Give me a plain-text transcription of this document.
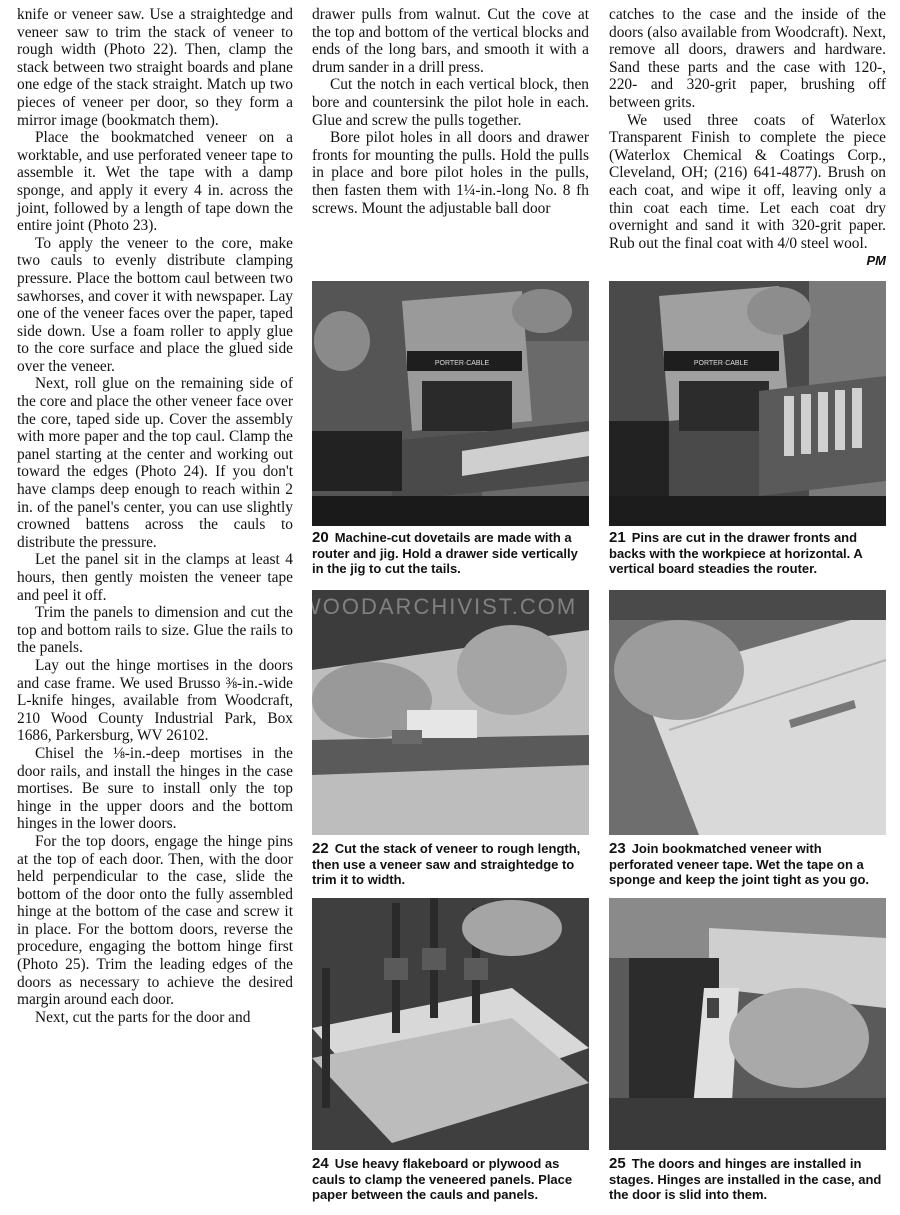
knife or veneer saw. Use a straightedge and veneer saw to trim the stack of veneer to rough width (Photo 22). Then, clamp the stack between two straight boards and plane one edge of the stack straight. Match up two pieces of veneer per door, so they form a mirror image (bookmatch them).

Place the bookmatched veneer on a worktable, and use perforated veneer tape to assemble it. Wet the tape with a damp sponge, and apply it every 4 in. across the joint, followed by a length of tape down the entire joint (Photo 23).

To apply the veneer to the core, make two cauls to evenly distribute clamping pressure. Place the bottom caul between two sawhorses, and cover it with newspaper. Lay one of the veneer faces over the paper, taped side down. Use a foam roller to apply glue to the core surface and place the glued side over the veneer.

Next, roll glue on the remaining side of the core and place the other veneer face over the core, taped side up. Cover the assembly with more paper and the top caul. Clamp the panel starting at the center and working out toward the edges (Photo 24). If you don't have clamps deep enough to reach within 2 in. of the panel's center, you can use slightly crowned battens across the cauls to distribute the pressure.

Let the panel sit in the clamps at least 4 hours, then gently moisten the veneer tape and peel it off.

Trim the panels to dimension and cut the top and bottom rails to size. Glue the rails to the panels.

Lay out the hinge mortises in the doors and case frame. We used Brusso ⅜-in.-wide L-knife hinges, available from Woodcraft, 210 Wood County Industrial Park, Box 1686, Parkersburg, WV 26102.

Chisel the ⅛-in.-deep mortises in the door rails, and install the hinges in the case mortises. Be sure to install only the top hinge in the upper doors and the bottom hinges in the lower doors.

For the top doors, engage the hinge pins at the top of each door. Then, with the door held perpendicular to the case, slide the bottom of the door onto the fully assembled hinge at the bottom of the case and screw it in place. For the bottom doors, reverse the procedure, engaging the bottom hinge first (Photo 25). Trim the leading edges of the doors as necessary to achieve the desired margin around each door.

Next, cut the parts for the door and

drawer pulls from walnut. Cut the cove at the top and bottom of the vertical blocks and ends of the long bars, and smooth it with a drum sander in a drill press.

Cut the notch in each vertical block, then bore and countersink the pilot hole in each. Glue and screw the pulls together.

Bore pilot holes in all doors and drawer fronts for mounting the pulls. Hold the pulls in place and bore pilot holes in the pulls, then fasten them with 1¼-in.-long No. 8 fh screws. Mount the adjustable ball door

catches to the case and the inside of the doors (also available from Woodcraft). Next, remove all doors, drawers and hardware. Sand these parts and the case with 120-, 220- and 320-grit paper, brushing off between grits.

We used three coats of Waterlox Transparent Finish to complete the piece (Waterlox Chemical & Coatings Corp., Cleveland, OH; (216) 641-4877). Brush on each coat, and wipe it off, leaving only a thin coat each time. Let each coat dry overnight and sand it with 320-grit paper. Rub out the final coat with 4/0 steel wool.
PM

PORTER·CABLE
20 Machine-cut dovetails are made with a router and jig. Hold a drawer side vertically in the jig to cut the tails.
PORTER·CABLE
21 Pins are cut in the drawer fronts and backs with the workpiece at horizontal. A vertical board steadies the router.
22 Cut the stack of veneer to rough length, then use a veneer saw and straightedge to trim it to width.
23 Join bookmatched veneer with perforated veneer tape. Wet the tape on a sponge and keep the joint tight as you go.
24 Use heavy flakeboard or plywood as cauls to clamp the veneered panels. Place paper between the cauls and panels.
25 The doors and hinges are installed in stages. Hinges are installed in the case, and the door is slid into them.
WOODARCHIVIST.COM
